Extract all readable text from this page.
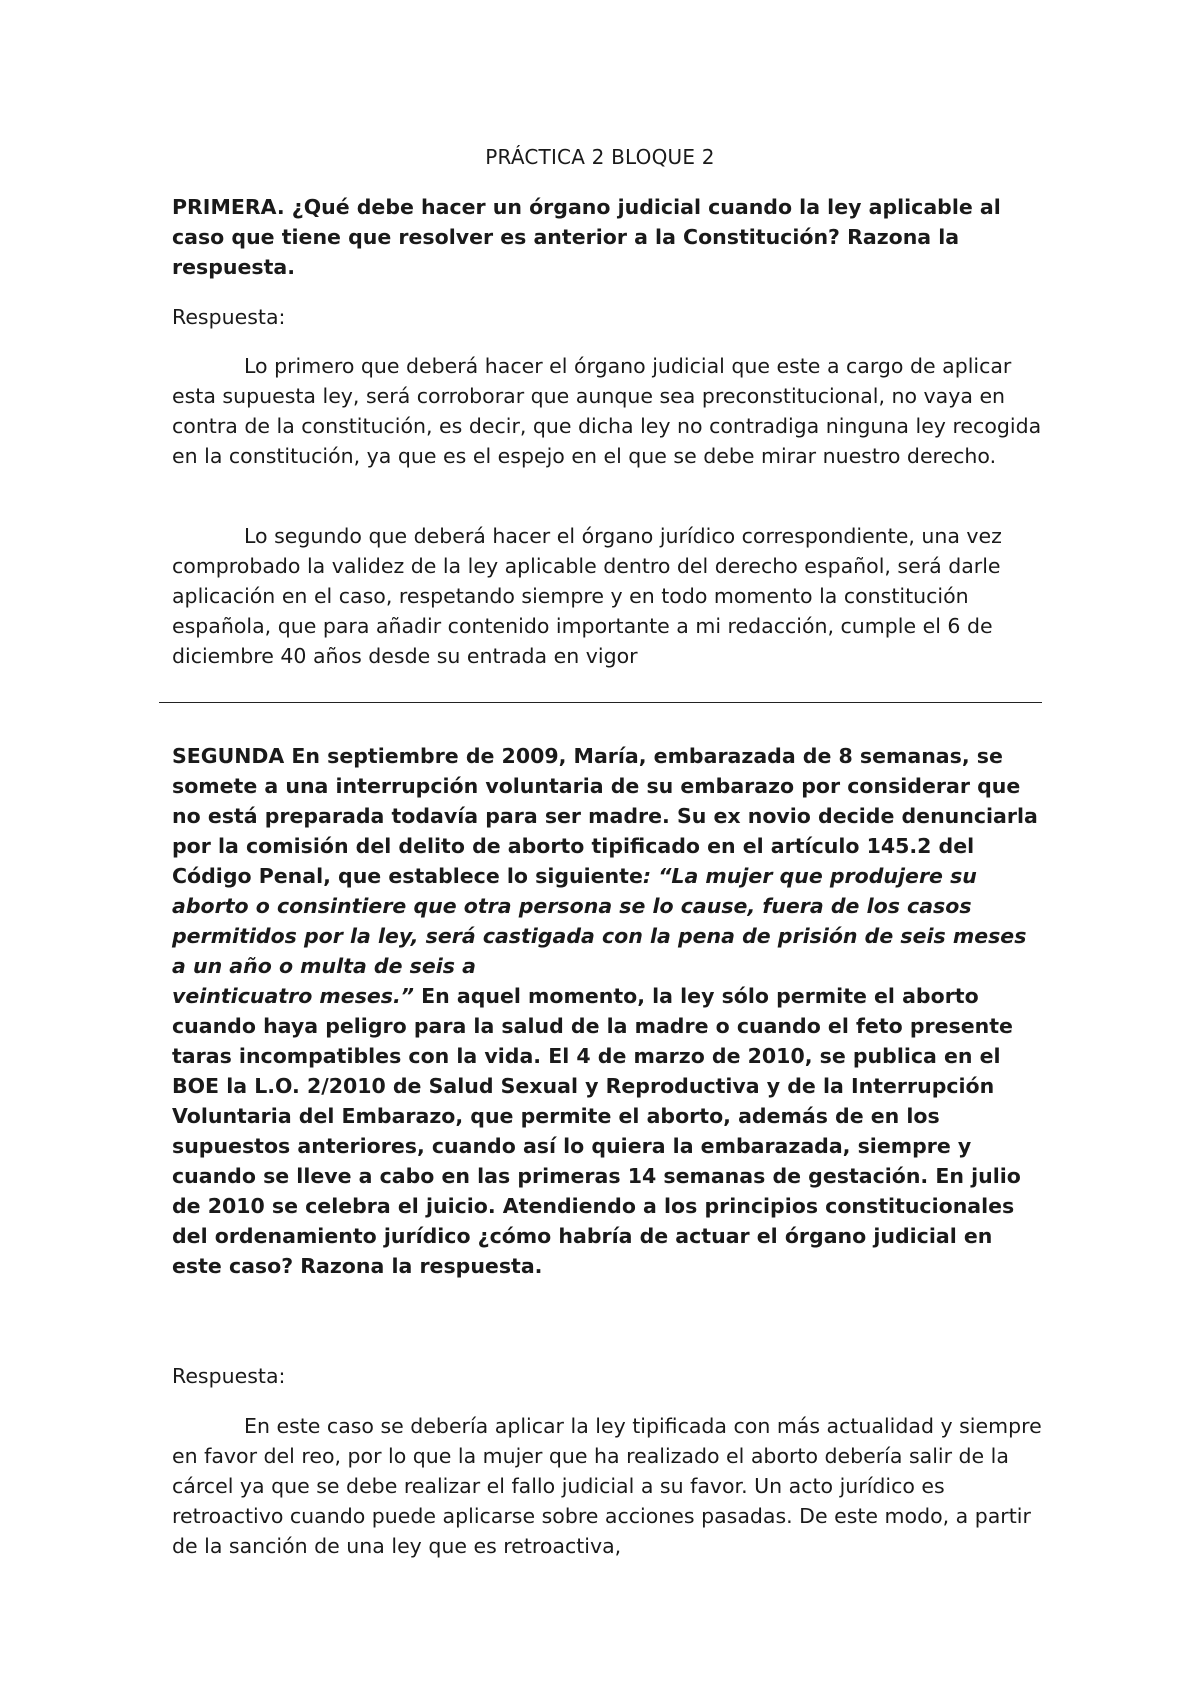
PRÁCTICA 2 BLOQUE 2

PRIMERA. ¿Qué debe hacer un órgano judicial cuando la ley aplicable al caso que tiene que resolver es anterior a la Constitución? Razona la respuesta.

Respuesta:

Lo primero que deberá hacer el órgano judicial que este a cargo de aplicar esta supuesta ley, será corroborar que aunque sea preconstitucional, no vaya en contra de la constitución, es decir, que dicha ley no contradiga ninguna ley recogida en la constitución, ya que es el espejo en el que se debe mirar nuestro derecho.

Lo segundo que deberá hacer el órgano jurídico correspondiente, una vez comprobado la validez de la ley aplicable dentro del derecho español, será darle aplicación en el caso, respetando siempre y en todo momento la constitución española, que para añadir contenido importante a mi redacción, cumple el 6 de diciembre 40 años desde su entrada en vigor

SEGUNDA En septiembre de 2009, María, embarazada de 8 semanas, se somete a una interrupción voluntaria de su embarazo por considerar que no está preparada todavía para ser madre. Su ex novio decide denunciarla por la comisión del delito de aborto tipificado en el artículo 145.2 del Código Penal, que establece lo siguiente: “La mujer que produjere su aborto o consintiere que otra persona se lo cause, fuera de los casos permitidos por la ley, será castigada con la pena de prisión de seis meses a un año o multa de seis a
veinticuatro meses.” En aquel momento, la ley sólo permite el aborto cuando haya peligro para la salud de la madre o cuando el feto presente taras incompatibles con la vida. El 4 de marzo de 2010, se publica en el BOE la L.O. 2/2010 de Salud Sexual y Reproductiva y de la Interrupción Voluntaria del Embarazo, que permite el aborto, además de en los supuestos anteriores, cuando así lo quiera la embarazada, siempre y cuando se lleve a cabo en las primeras 14 semanas de gestación. En julio de 2010 se celebra el juicio. Atendiendo a los principios constitucionales del ordenamiento jurídico ¿cómo habría de actuar el órgano judicial en este caso? Razona la respuesta.

Respuesta:

En este caso se debería aplicar la ley tipificada con más actualidad y siempre en favor del reo, por lo que la mujer que ha realizado el aborto debería salir de la cárcel ya que se debe realizar el fallo judicial a su favor. Un acto jurídico es retroactivo cuando puede aplicarse sobre acciones pasadas. De este modo, a partir de la sanción de una ley que es retroactiva,
